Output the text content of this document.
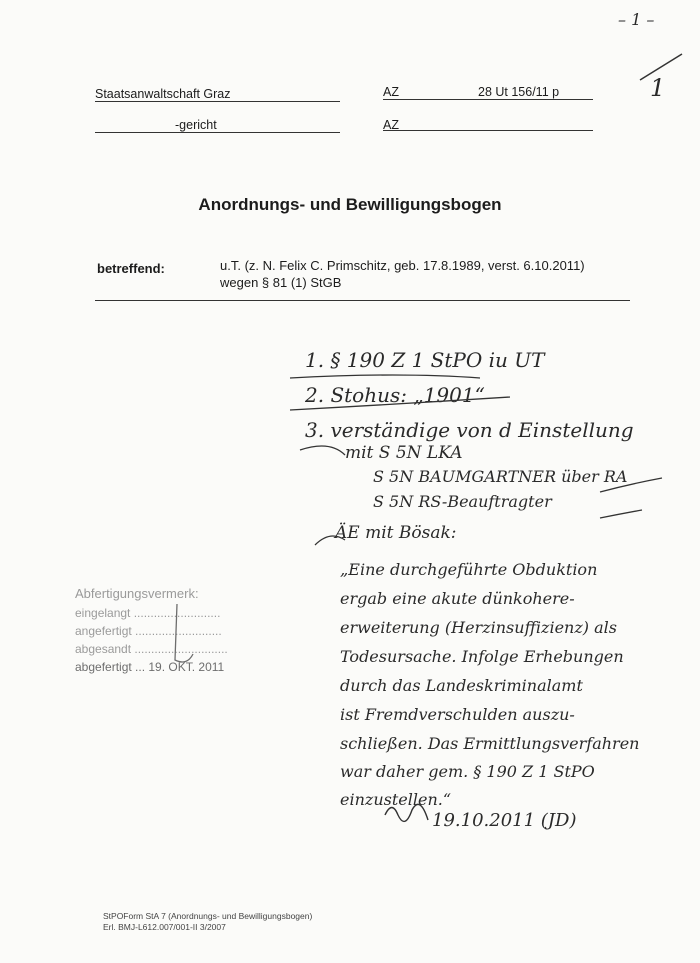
– 1 –
1
Staatsanwaltschaft Graz	AZ	28 Ut 156/11 p
-gericht	AZ
Anordnungs- und Bewilligungsbogen
betreffend:	u.T. (z. N. Felix C. Primschitz, geb. 17.8.1989, verst. 6.10.2011)
wegen § 81 (1) StGB
1. § 190 Z 1 StPO iu UT
2. Stohus: „1901“
3. verständige von d Einstellung
mit S 5N LKA
S 5N BAUMGARTNER über RA
S 5N RS-Beauftragter
ÄE mit Bösak:
„Eine durchgeführte Obduktion
ergab eine akute dünkohere-
erweiterung (Herzinsuffizienz) als
Todesursache. Infolge Erhebungen
durch das Landeskriminalamt
ist Fremdverschulden auszu-
schließen. Das Ermittlungsverfahren
war daher gem. § 190 Z 1 StPO
einzustellen.“
19.10.2011 (JD)
Abfertigungsvermerk:
eingelangt ..........................
angefertigt ..........................
abgesandt ............................
abgefertigt ... 19. OKT. 2011
StPOForm StA 7 (Anordnungs- und Bewilligungsbogen)
Erl. BMJ-L612.007/001-II 3/2007
